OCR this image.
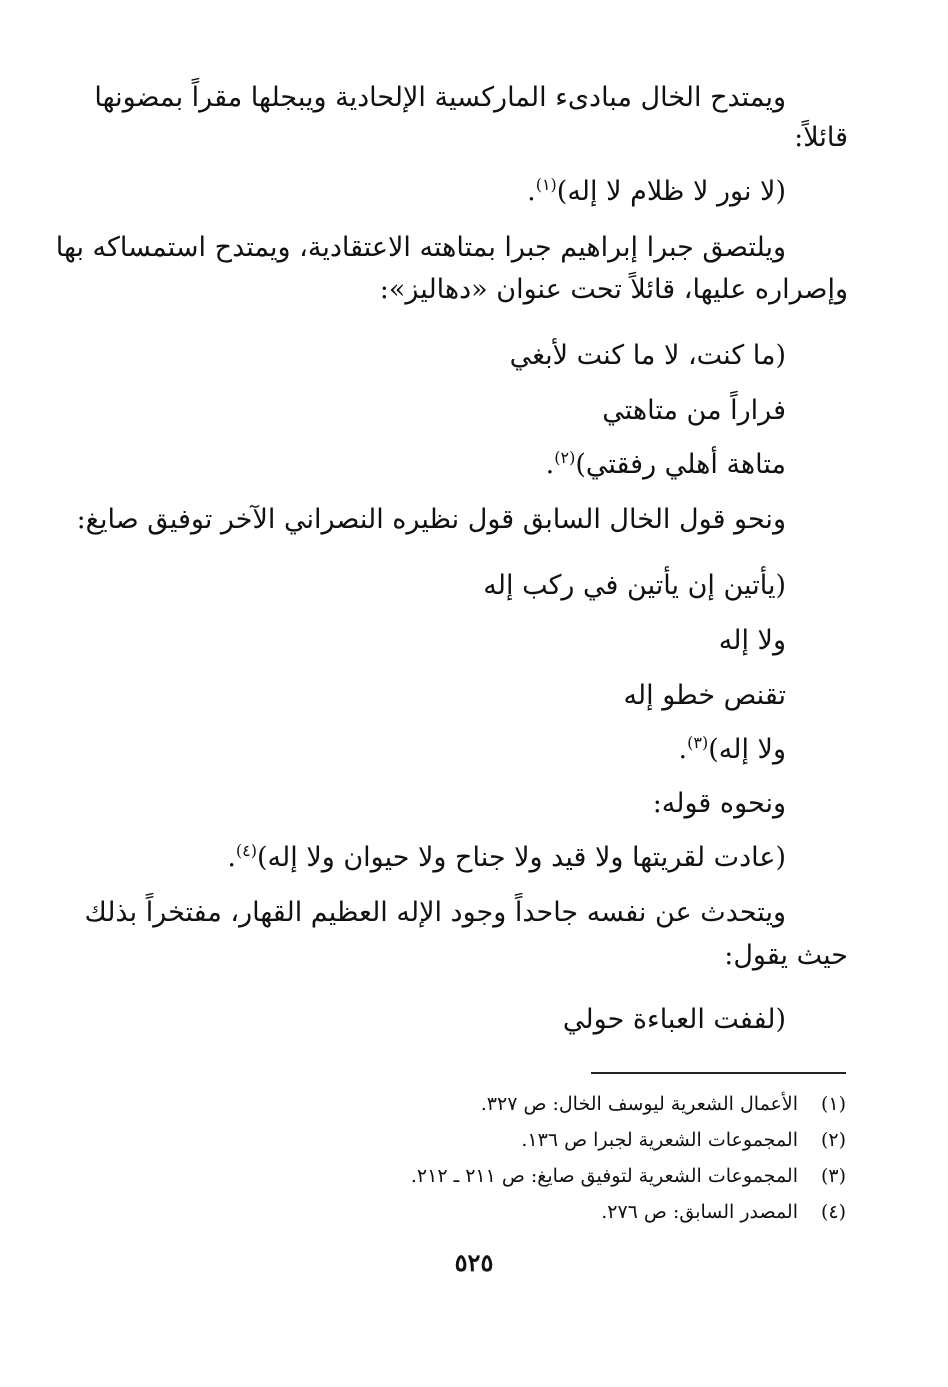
ويمتدح الخال مبادىء الماركسية الإلحادية ويبجلها مقراً بمضونها
قائلاً:
(لا نور لا ظلام لا إله)$^{(١)}$.
ويلتصق جبرا إبراهيم جبرا بمتاهته الاعتقادية، ويمتدح استمساكه بها
وإصراره عليها، قائلاً تحت عنوان «دهاليز»:
(ما كنت، لا ما كنت لأبغي
فراراً من متاهتي
متاهة أهلي رفقتي)$^{(٢)}$.
ونحو قول الخال السابق قول نظيره النصراني الآخر توفيق صايغ:
(يأتين إن يأتين في ركب إله
ولا إله
تقنص خطو إله
ولا إله)$^{(٣)}$.
ونحوه قوله:
(عادت لقريتها ولا قيد ولا جناح ولا حيوان ولا إله)$^{(٤)}$.
ويتحدث عن نفسه جاحداً وجود الإله العظيم القهار، مفتخراً بذلك
حيث يقول:
(لففت العباءة حولي
(١)الأعمال الشعرية ليوسف الخال: ص ٣٢٧.
(٢)المجموعات الشعرية لجبرا ص ١٣٦.
(٣)المجموعات الشعرية لتوفيق صايغ: ص ٢١١ ـ ٢١٢.
(٤)المصدر السابق: ص ٢٧٦.
٥٢٥
